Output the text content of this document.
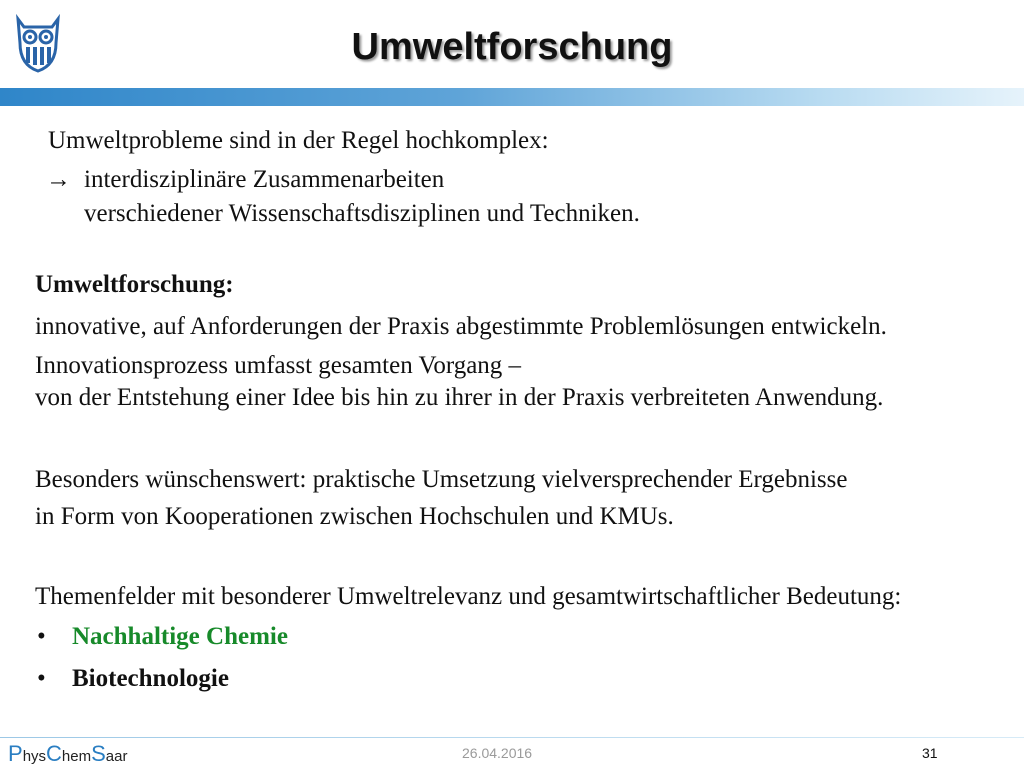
Umweltforschung
Umweltprobleme sind in der Regel hochkomplex:
→ interdisziplinäre Zusammenarbeiten
verschiedener Wissenschaftsdisziplinen und Techniken.
Umweltforschung:
innovative, auf Anforderungen der Praxis abgestimmte Problemlösungen entwickeln.
Innovationsprozess umfasst gesamten Vorgang –
von der Entstehung einer Idee bis hin zu ihrer in der Praxis verbreiteten Anwendung.
Besonders wünschenswert: praktische Umsetzung vielversprechender Ergebnisse
in Form von Kooperationen zwischen Hochschulen und KMUs.
Themenfelder mit besonderer Umweltrelevanz und gesamtwirtschaftlicher Bedeutung:
• Nachhaltige Chemie
• Biotechnologie
PhysChemSaar	26.04.2016	31
